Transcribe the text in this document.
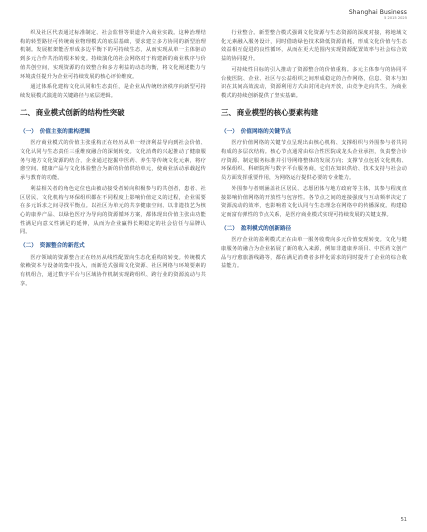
Shanghai Business
5 2015 2025

织及社区代表通过标准制定、社会监督等渠道介入商业实践。这种治理结构的转型路径可传统商业物理模式的底层基础，要求建立多方协同的新型治理机制。发展框架能否形成多边平衡下的可持续生态，从而实现从单一主体驱动到多元合作共治的根本转变。持续演化的社会网络对于构建新的商业秩序与价值共创空间，实现资源的有效整合和多方利益的动态均衡，将文化阐述能力与环境责任提升为企业可持续发展的核心评价维度。

通过体系化建构文化认同和生态责任，是企业从传统经济秩序向新型可持续发展模式演进的关键路径与底层逻辑。

二、 商业模式创新的结构性突破
（一） 价值主张的重构逻辑

医疗商业模式的价值主张重构正在经历从单一经济利益导向到社会价值、文化认同与生态责任三重维度融合的深刻转变。文化消费的兴起推动了健康服务与地方文化资源的结合，企业通过挖掘中医药、养生等传统文化元素，将疗愈空间、健康产品与文化体验整合为新的价值供给单元，使商业活动承载起传承与教育的功能。

利益相关者的角色定位也由被动接受者转向积极参与的共创者，患者、社区居民、文化机构与环保组织都在不同程度上影响价值定义的过程，企业需要在多元诉求之间寻找平衡点。以社区为单元的共享健康空间、以非遗技艺为核心的康养产品、以绿色医疗为导向的资源循环方案，都体现出价值主张由功能性满足向意义性满足的延伸，从而为企业赢得长期稳定的社会信任与品牌认同。

（二） 资源整合的新范式

医疗领域的资源整合正在经历从线性配置向生态化重构的转变。传统模式依赖资本与设备的集中投入，而新范式强调文化资源、社区网络与环境要素的有机组合，通过数字平台与区域协作机制实现跨组织、跨行业的资源流动与共享。

行业整合。新型整合模式强调文化资源与生态资源的深度对接，将地域文化元素融入服务设计，同时借助绿色技术降低资源消耗，形成文化价值与生态效益相互促进的良性循环，从而在更大范围内实现资源配置效率与社会综合效益的协同提升。

可持续性目标的引入推动了资源整合的价值重构。多元主体参与的协同平台使医院、企业、社区与公益组织之间形成稳定的合作网络，信息、资本与知识在其间高效流动，资源利用方式由封闭走向开放，由竞争走向共生，为商业模式的持续创新提供了坚实基础。

三、 商业模型的核心要素构建
（一） 价值网络的关键节点

医疗价值网络的关键节点呈现出由核心机构、支撑组织与外围参与者共同构成的多层次结构。核心节点通常由综合性医院或龙头企业承担，负责整合诊疗资源、制定服务标准并引导网络整体的发展方向；支撑节点包括文化机构、环保组织、科研院所与数字平台服务商，它们在知识供给、技术支持与社会动员方面发挥重要作用，为网络运行提供必要的专业能力。

外围参与者则涵盖社区居民、志愿团体与地方政府等主体，其参与程度直接影响价值网络的开放性与包容性。各节点之间的连接强度与互动频率决定了资源流动的效率，也影响着文化认同与生态理念在网络中的传播深度。构建稳定而富有弹性的节点关系，是医疗商业模式实现可持续发展的关键支撑。

（二） 盈利模式的创新路径

医疗企业的盈利模式正在由单一服务收费向多元价值变现转变。文化与健康服务的融合为企业拓展了新的收入来源，例如非遗康养项目、中医药文创产品与疗愈旅游线路等，都在满足消费者多样化需求的同时提升了企业的综合收益能力。

51
